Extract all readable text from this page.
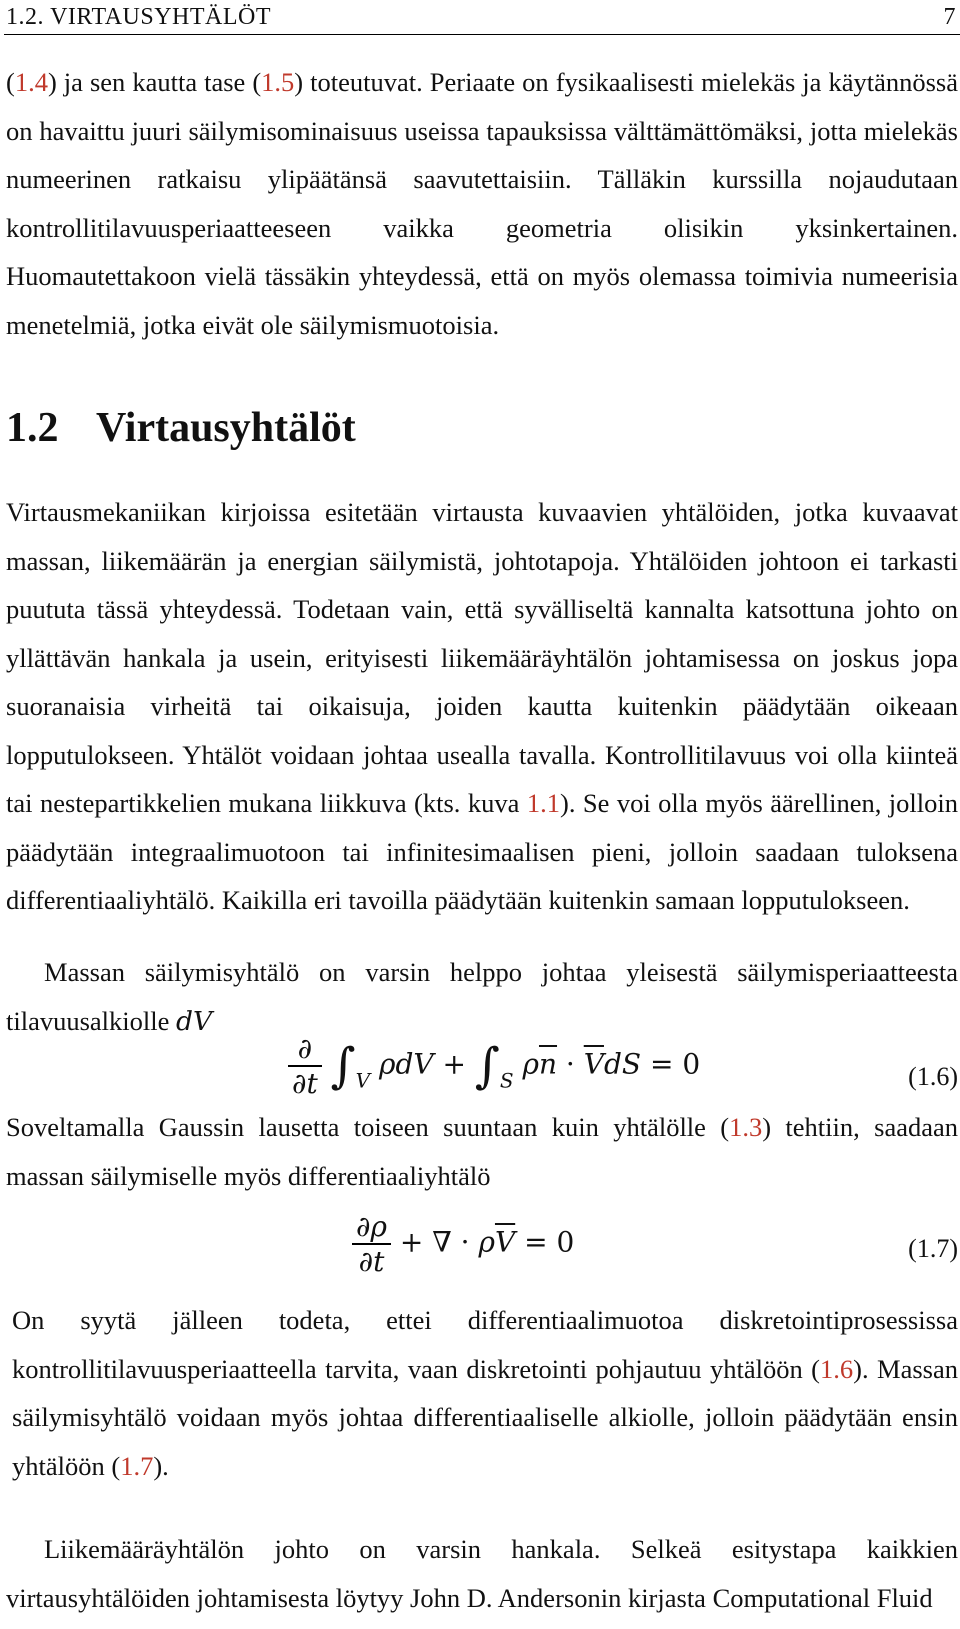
1.2. VIRTAUSYHTÄLÖT	7
(1.4) ja sen kautta tase (1.5) toteutuvat. Periaate on fysikaalisesti mielekäs ja käytännössä on havaittu juuri säilymisominaisuus useissa tapauksissa välttämättömäksi, jotta mielekäs numeerinen ratkaisu ylipäätänsä saavutettaisiin. Tälläkin kurssilla nojaudutaan kontrollitilavuusperiaatteeseen vaikka geometria olisikin yksinkertainen. Huomautettakoon vielä tässäkin yhteydessä, että on myös olemassa toimivia numeerisia menetelmiä, jotka eivät ole säilymismuotoisia.
1.2 Virtausyhtälöt
Virtausmekaniikan kirjoissa esitetään virtausta kuvaavien yhtälöiden, jotka kuvaavat massan, liikemäärän ja energian säilymistä, johtotapoja. Yhtälöiden johtoon ei tarkasti puututa tässä yhteydessä. Todetaan vain, että syvälliseltä kannalta katsottuna johto on yllättävän hankala ja usein, erityisesti liikemääräyhtälön johtamisessa on joskus jopa suoranaisia virheitä tai oikaisuja, joiden kautta kuitenkin päädytään oikeaan lopputulokseen. Yhtälöt voidaan johtaa usealla tavalla. Kontrollitilavuus voi olla kiinteä tai nestepartikkelien mukana liikkuva (kts. kuva 1.1). Se voi olla myös äärellinen, jolloin päädytään integraalimuotoon tai infinitesimaalisen pieni, jolloin saadaan tuloksena differentiaaliyhtälö. Kaikilla eri tavoilla päädytään kuitenkin samaan lopputulokseen.
Massan säilymisyhtälö on varsin helppo johtaa yleisestä säilymisperiaatteesta tilavuusalkiolle dV
$\frac{\partial}{\partial t} \int_V$ $\rho dV + \int_S$ $\rho\overline{n} \cdot \overline{V}dS = 0$	(1.6)
Soveltamalla Gaussin lausetta toiseen suuntaan kuin yhtälölle (1.3) tehtiin, saadaan massan säilymiselle myös differentiaaliyhtälö
$\frac{\partial\rho}{\partial t}$ + ∇ · $\rho\overline{V} = 0$	(1.7)
On syytä jälleen todeta, ettei differentiaalimuotoa diskretointiprosessissa kontrollitilavuusperiaatteella tarvita, vaan diskretointi pohjautuu yhtälöön (1.6). Massan säilymisyhtälö voidaan myös johtaa differentiaaliselle alkiolle, jolloin päädytään ensin yhtälöön (1.7).
Liikemääräyhtälön johto on varsin hankala. Selkeä esitystapa kaikkien virtausyhtälöiden johtamisesta löytyy John D. Andersonin kirjasta Computational Fluid
